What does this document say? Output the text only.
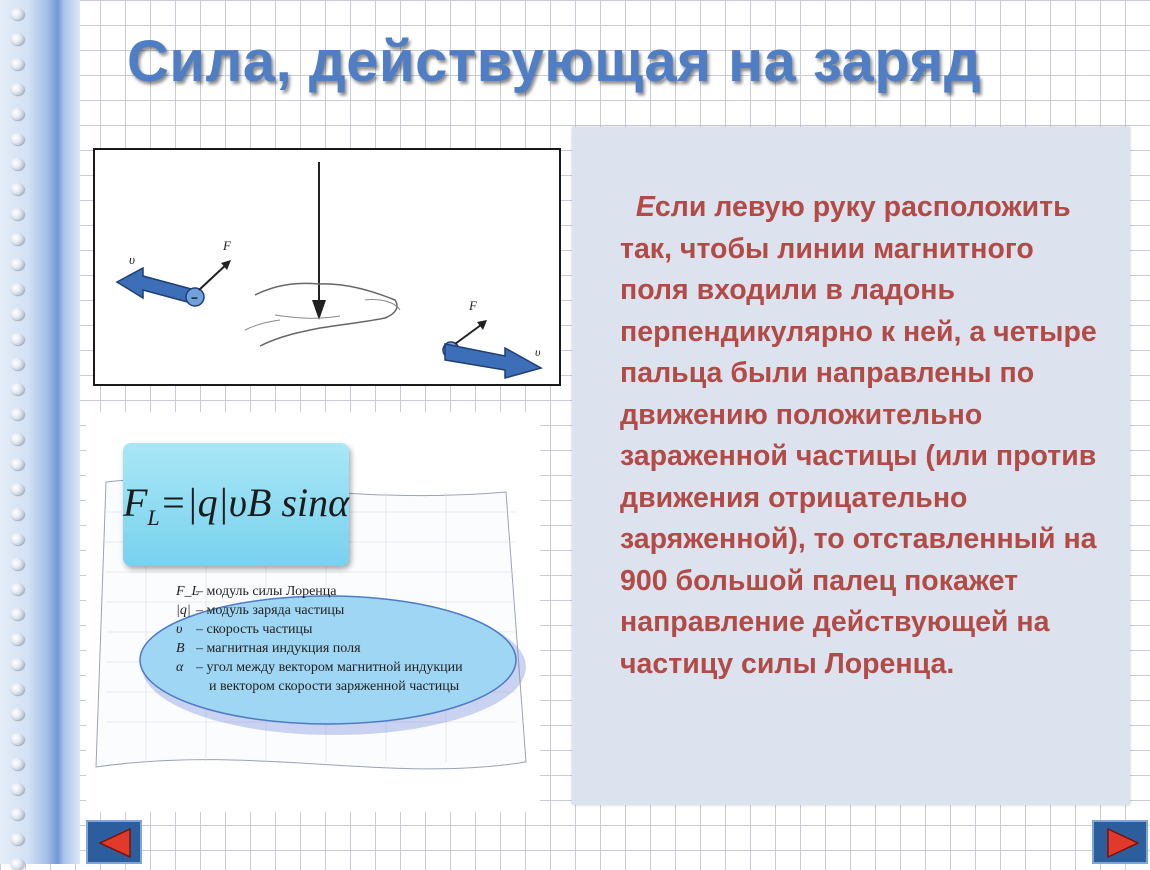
Сила, действующая на заряд
−
υ
F
F
υ
$F_L=|q|\upsilon B$ sinα
F_L– модуль силы Лоренца
|q| – модуль заряда частицы
υ – скорость частицы
B – магнитная индукция поля
α – угол между вектором магнитной индукции
и вектором скорости заряженной частицы

Если левую руку расположить так, чтобы линии магнитного поля входили в ладонь перпендикулярно к ней, а четыре пальца были направлены по движению положительно зараженной частицы (или против движения отрицательно заряженной), то отставленный на 900 большой палец покажет направление действующей на частицу силы Лоренца.
